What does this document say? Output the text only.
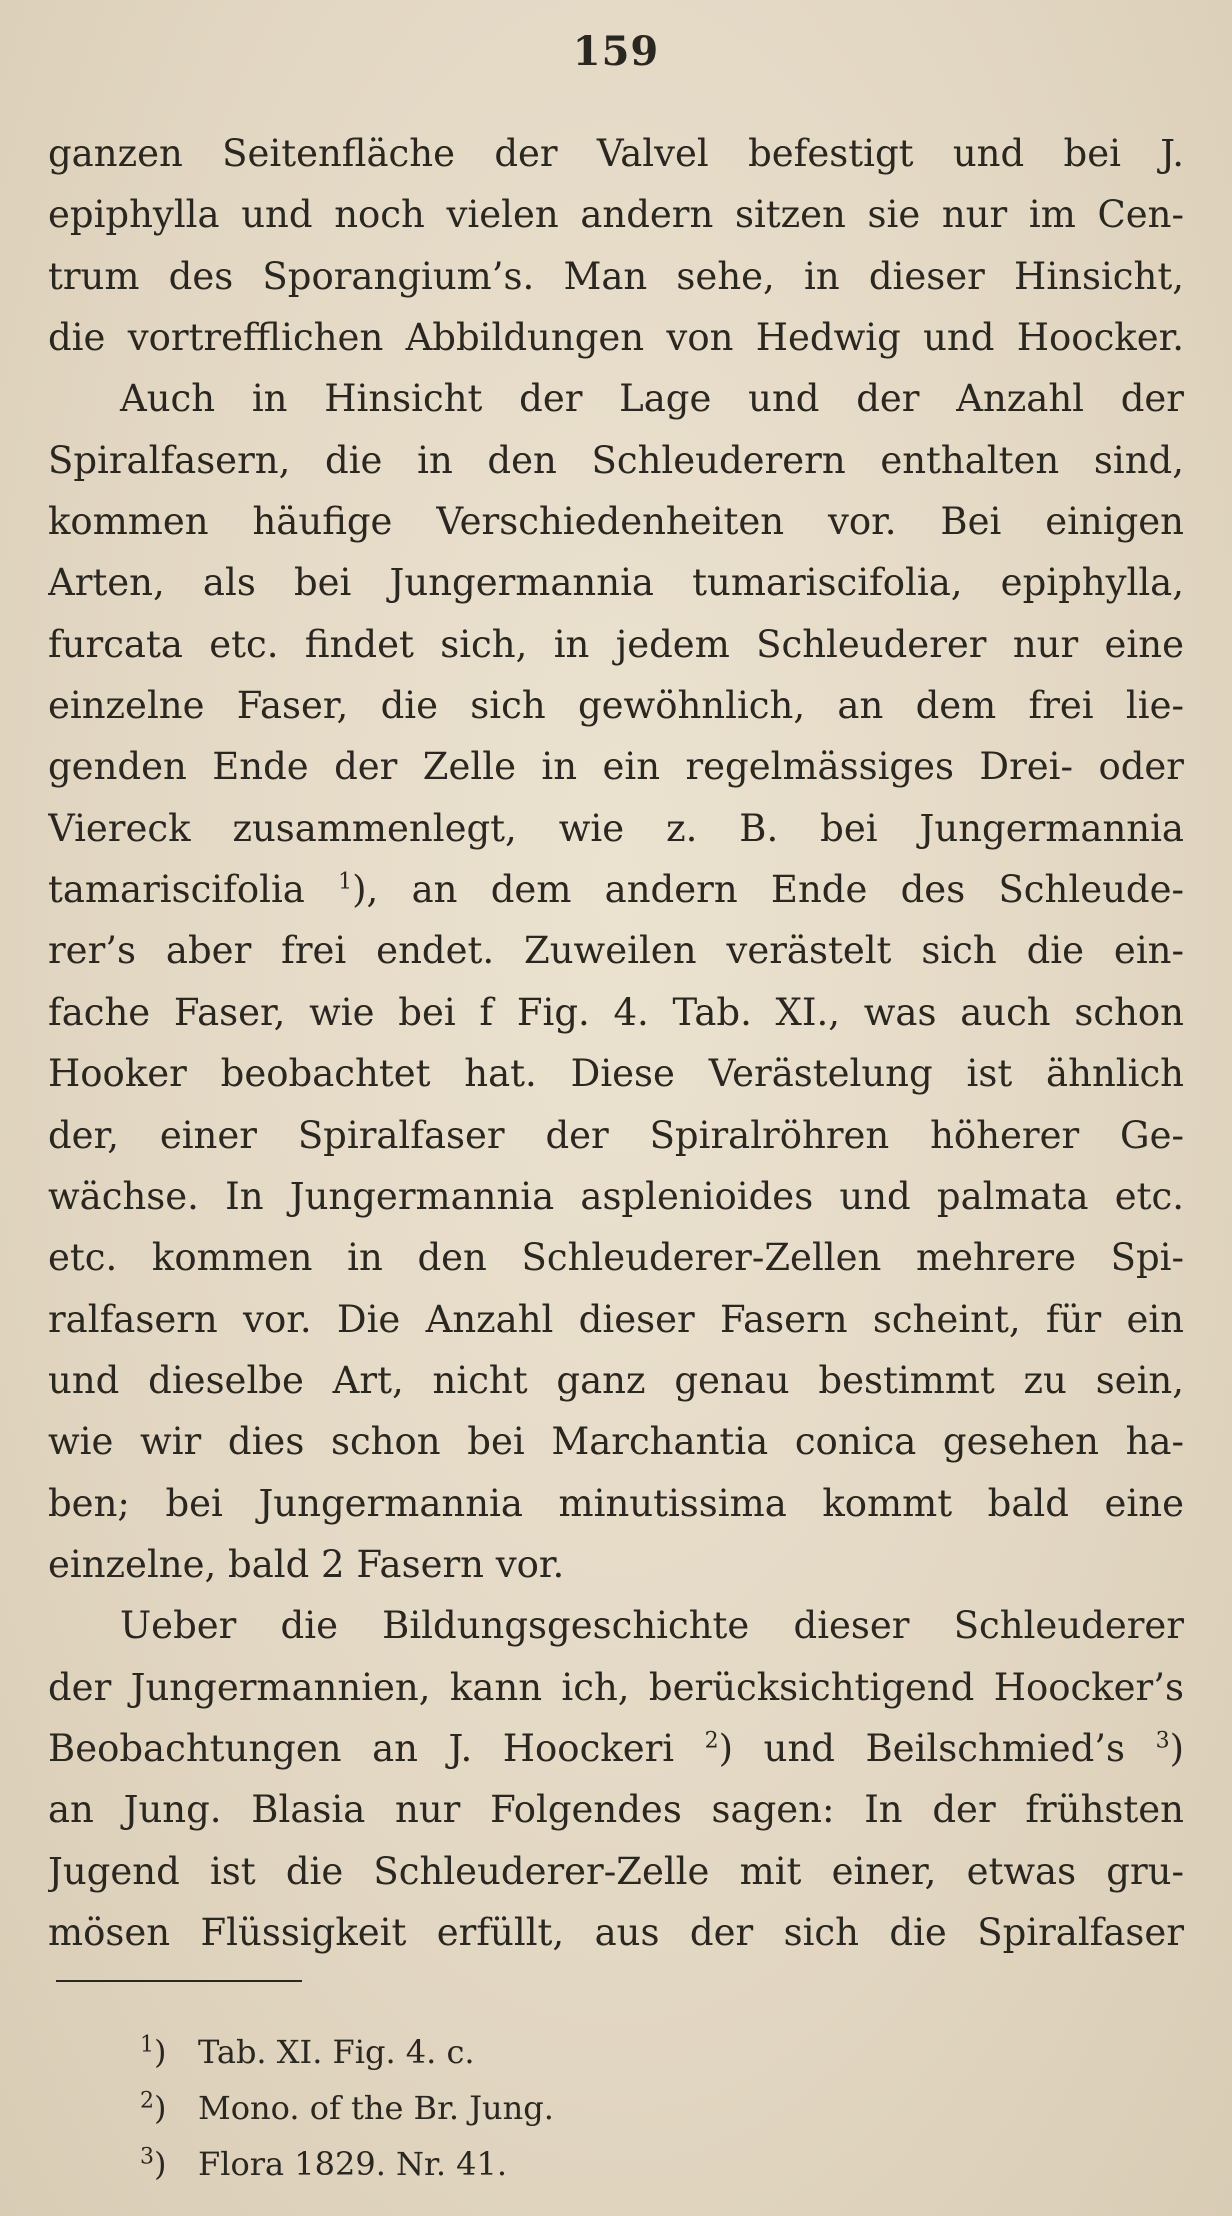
159
ganzen Seitenfläche der Valvel befestigt und bei J.
epiphylla und noch vielen andern sitzen sie nur im Cen-
trum des Sporangium’s. Man sehe, in dieser Hinsicht,
die vortrefflichen Abbildungen von Hedwig und Hoocker.
Auch in Hinsicht der Lage und der Anzahl der
Spiralfasern, die in den Schleuderern enthalten sind,
kommen häufige Verschiedenheiten vor. Bei einigen
Arten, als bei Jungermannia tumariscifolia, epiphylla,
furcata etc. findet sich, in jedem Schleuderer nur eine
einzelne Faser, die sich gewöhnlich, an dem frei lie-
genden Ende der Zelle in ein regelmässiges Drei- oder
Viereck zusammenlegt, wie z. B. bei Jungermannia
tamariscifolia $^1$), an dem andern Ende des Schleude-
rer’s aber frei endet. Zuweilen verästelt sich die ein-
fache Faser, wie bei f Fig. 4. Tab. XI., was auch schon
Hooker beobachtet hat. Diese Verästelung ist ähnlich
der, einer Spiralfaser der Spiralröhren höherer Ge-
wächse. In Jungermannia asplenioides und palmata etc.
etc. kommen in den Schleuderer-Zellen mehrere Spi-
ralfasern vor. Die Anzahl dieser Fasern scheint, für ein
und dieselbe Art, nicht ganz genau bestimmt zu sein,
wie wir dies schon bei Marchantia conica gesehen ha-
ben; bei Jungermannia minutissima kommt bald eine
einzelne, bald 2 Fasern vor.
Ueber die Bildungsgeschichte dieser Schleuderer
der Jungermannien, kann ich, berücksichtigend Hoocker’s
Beobachtungen an J. Hoockeri $^2$) und Beilschmied’s $^3$)
an Jung. Blasia nur Folgendes sagen: In der frühsten
Jugend ist die Schleuderer-Zelle mit einer, etwas gru-
mösen Flüssigkeit erfüllt, aus der sich die Spiralfaser
$^1$) Tab. XI. Fig. 4. c.
$^2$) Mono. of the Br. Jung.
$^3$) Flora 1829. Nr. 41.
